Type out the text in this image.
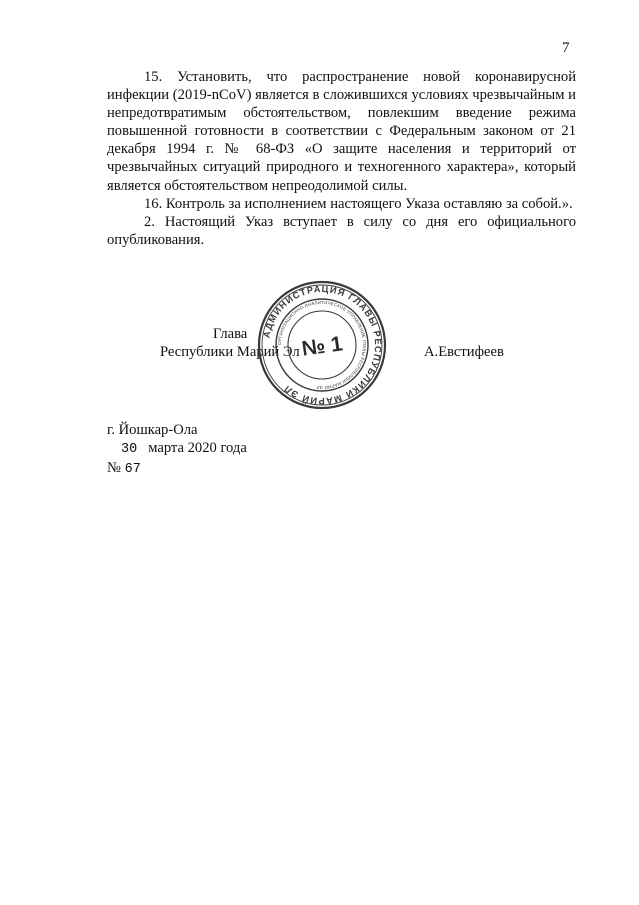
7

15. Установить, что распространение новой коронавирусной инфекции (2019-nCoV) является в сложившихся условиях чрезвычайным и непредотвратимым обстоятельством, повлекшим введение режима повышенной готовности в соответствии с Федеральным законом от 21 декабря 1994 г. № 68-ФЗ «О защите населения и территорий от чрезвычайных ситуаций природного и техногенного характера», который является обстоятельством непреодолимой силы.

16. Контроль за исполнением настоящего Указа оставляю за собой.».

2. Настоящий Указ вступает в силу со дня его официального опубликования.

Глава
Республики Марий Эл	А.Евстифеев
АДМИНИСТРАЦИЯ ГЛАВЫ РЕСПУБЛИКИ МАРИЙ ЭЛ
ОРГАНИЗАЦИОННО-АНАЛИТИЧЕСКОЕ УПРАВЛЕНИЕ ГЛАВЫ РЕСПУБЛИКИ МАРИЙ ЭЛ
№ 1
г. Йошкар-Ола
30 марта 2020 года
№ 67
